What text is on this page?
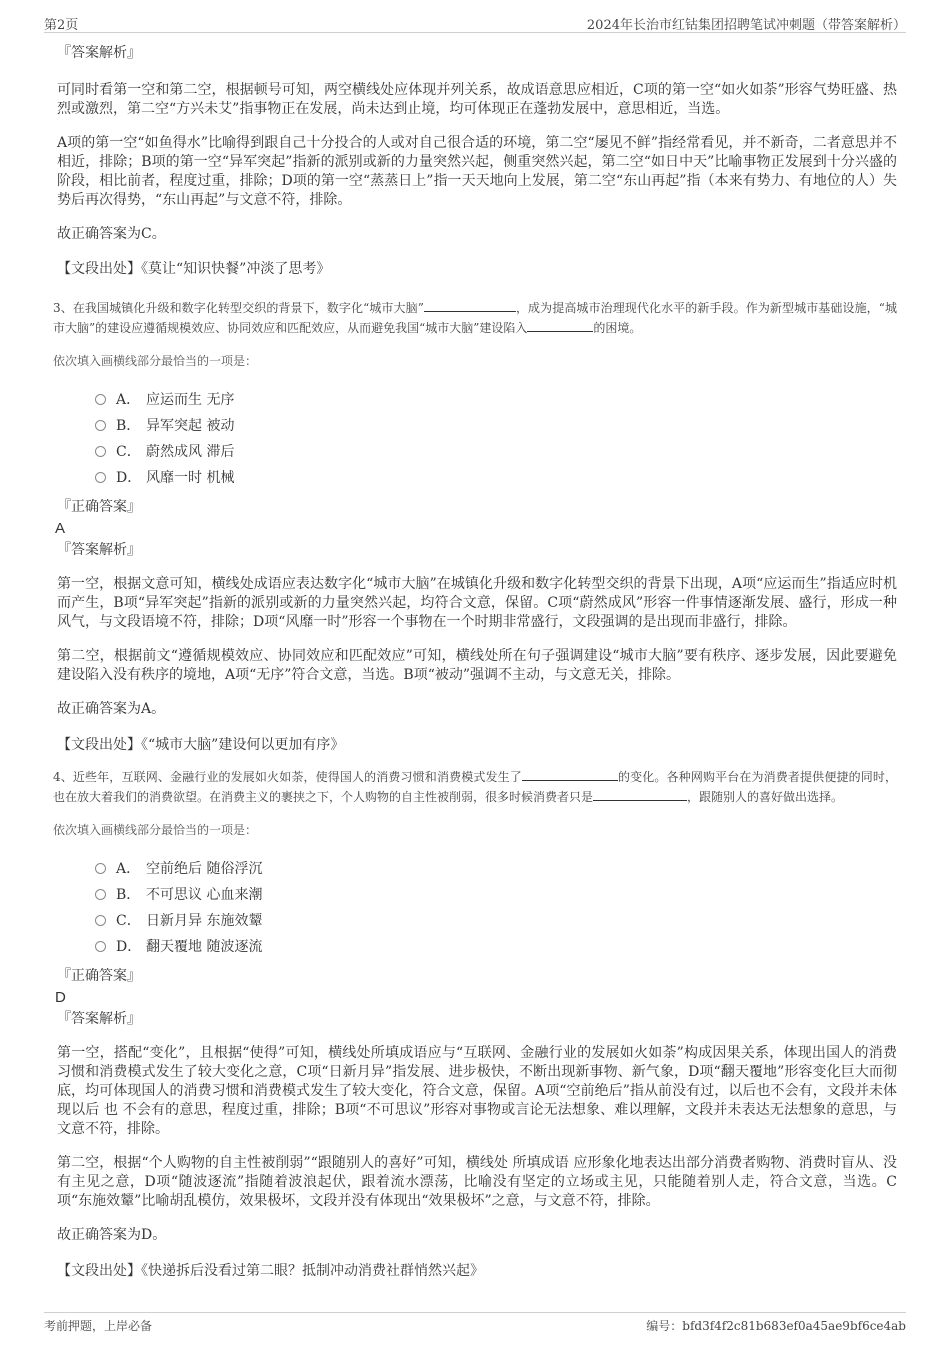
第2页	2024年长治市红钴集团招聘笔试冲刺题（带答案解析）
『答案解析』

可同时看第一空和第二空，根据顿号可知，两空横线处应体现并列关系，故成语意思应相近，C项的第一空“如火如荼”形容气势旺盛、热烈或激烈，第二空“方兴未艾”指事物正在发展，尚未达到止境，均可体现正在蓬勃发展中，意思相近，当选。

A项的第一空“如鱼得水”比喻得到跟自己十分投合的人或对自己很合适的环境，第二空“屡见不鲜”指经常看见，并不新奇，二者意思并不相近，排除；B项的第一空“异军突起”指新的派别或新的力量突然兴起，侧重突然兴起，第二空“如日中天”比喻事物正发展到十分兴盛的阶段，相比前者，程度过重，排除；D项的第一空“蒸蒸日上”指一天天地向上发展，第二空“东山再起”指（本来有势力、有地位的人）失势后再次得势，“东山再起”与文意不符，排除。

故正确答案为C。

【文段出处】《莫让“知识快餐”冲淡了思考》
3、在我国城镇化升级和数字化转型交织的背景下，数字化“城市大脑”	，成为提高城市治理现代化水平的新手段。作为新型城市基础设施，“城市大脑”的建设应遵循规模效应、协同效应和匹配效应，从而避免我国“城市大脑”建设陷入	的困境。
依次填入画横线部分最恰当的一项是：
A． 应运而生 无序
B． 异军突起 被动
C． 蔚然成风 滞后
D． 风靡一时 机械
『正确答案』
A
『答案解析』

第一空，根据文意可知，横线处成语应表达数字化“城市大脑”在城镇化升级和数字化转型交织的背景下出现，A项“应运而生”指适应时机而产生，B项“异军突起”指新的派别或新的力量突然兴起，均符合文意，保留。C项“蔚然成风”形容一件事情逐渐发展、盛行，形成一种风气，与文段语境不符，排除；D项“风靡一时”形容一个事物在一个时期非常盛行，文段强调的是出现而非盛行，排除。

第二空，根据前文“遵循规模效应、协同效应和匹配效应”可知，横线处所在句子强调建设“城市大脑”要有秩序、逐步发展，因此要避免建设陷入没有秩序的境地，A项“无序”符合文意，当选。B项“被动”强调不主动，与文意无关，排除。

故正确答案为A。

【文段出处】《“城市大脑”建设何以更加有序》
4、近些年，互联网、金融行业的发展如火如荼，使得国人的消费习惯和消费模式发生了	的变化。各种网购平台在为消费者提供便捷的同时，也在放大着我们的消费欲望。在消费主义的裹挟之下，个人购物的自主性被削弱，很多时候消费者只是	，跟随别人的喜好做出选择。
依次填入画横线部分最恰当的一项是：
A． 空前绝后 随俗浮沉
B． 不可思议 心血来潮
C． 日新月异 东施效颦
D． 翻天覆地 随波逐流
『正确答案』
D
『答案解析』

第一空，搭配“变化”，且根据“使得”可知，横线处所填成语应与“互联网、金融行业的发展如火如荼”构成因果关系，体现出国人的消费习惯和消费模式发生了较大变化之意，C项“日新月异”指发展、进步极快，不断出现新事物、新气象，D项“翻天覆地”形容变化巨大而彻底，均可体现国人的消费习惯和消费模式发生了较大变化，符合文意，保留。A项“空前绝后”指从前没有过，以后也不会有，文段并未体现以后 也 不会有的意思，程度过重，排除；B项“不可思议”形容对事物或言论无法想象、难以理解，文段并未表达无法想象的意思，与文意不符，排除。

第二空，根据“个人购物的自主性被削弱”“跟随别人的喜好”可知，横线处 所填成语 应形象化地表达出部分消费者购物、消费时盲从、没有主见之意，D项“随波逐流”指随着波浪起伏，跟着流水漂荡，比喻没有坚定的立场或主见，只能随着别人走，符合文意，当选。C项“东施效颦”比喻胡乱模仿，效果极坏，文段并没有体现出“效果极坏”之意，与文意不符，排除。

故正确答案为D。

【文段出处】《快递拆后没看过第二眼？抵制冲动消费社群悄然兴起》
考前押题，上岸必备	编号：bfd3f4f2c81b683ef0a45ae9bf6ce4ab
